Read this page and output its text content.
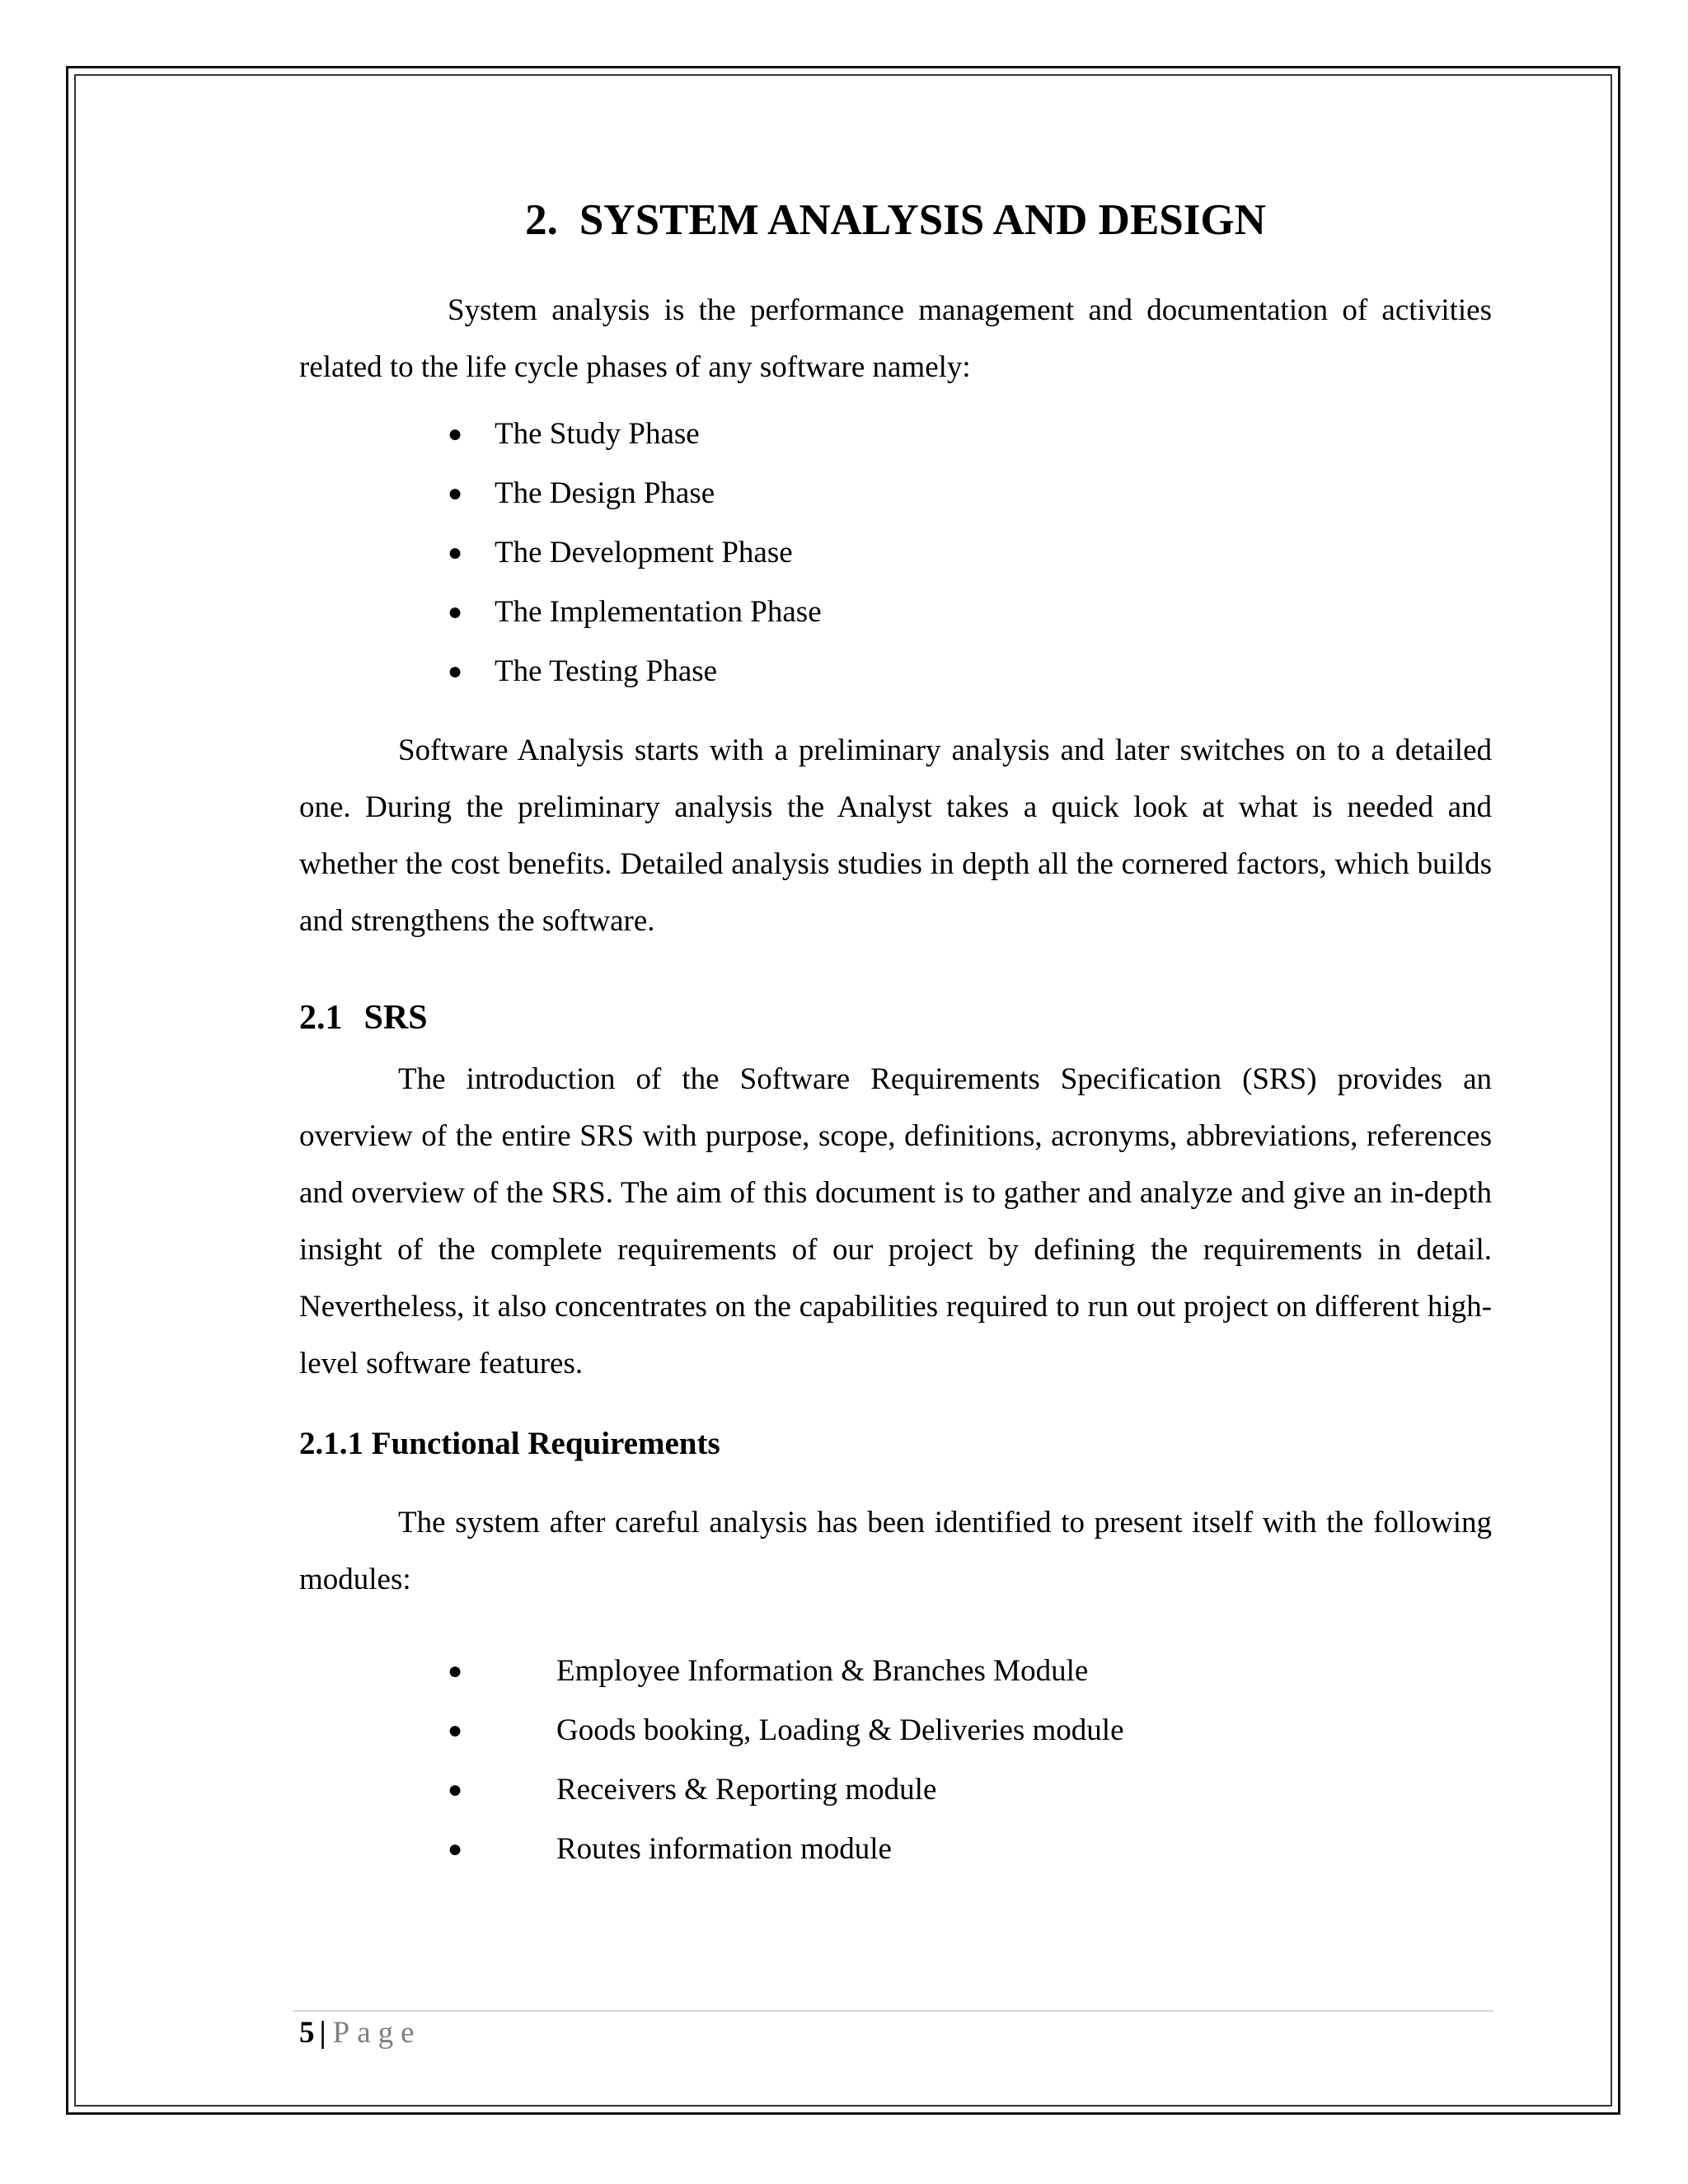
2. SYSTEM ANALYSIS AND DESIGN

System analysis is the performance management and documentation of activities related to the life cycle phases of any software namely:

● The Study Phase
● The Design Phase
● The Development Phase
● The Implementation Phase
● The Testing Phase

Software Analysis starts with a preliminary analysis and later switches on to a detailed one. During the preliminary analysis the Analyst takes a quick look at what is needed and whether the cost benefits. Detailed analysis studies in depth all the cornered factors, which builds and strengthens the software.

2.1 SRS

The introduction of the Software Requirements Specification (SRS) provides an overview of the entire SRS with purpose, scope, definitions, acronyms, abbreviations, references and overview of the SRS. The aim of this document is to gather and analyze and give an in-depth insight of the complete requirements of our project by defining the requirements in detail. Nevertheless, it also concentrates on the capabilities required to run out project on different high-level software features.

2.1.1 Functional Requirements

The system after careful analysis has been identified to present itself with the following modules:

●	Employee Information & Branches Module
●	Goods booking, Loading & Deliveries module
●	Receivers & Reporting module
●	Routes information module
5 | Page
